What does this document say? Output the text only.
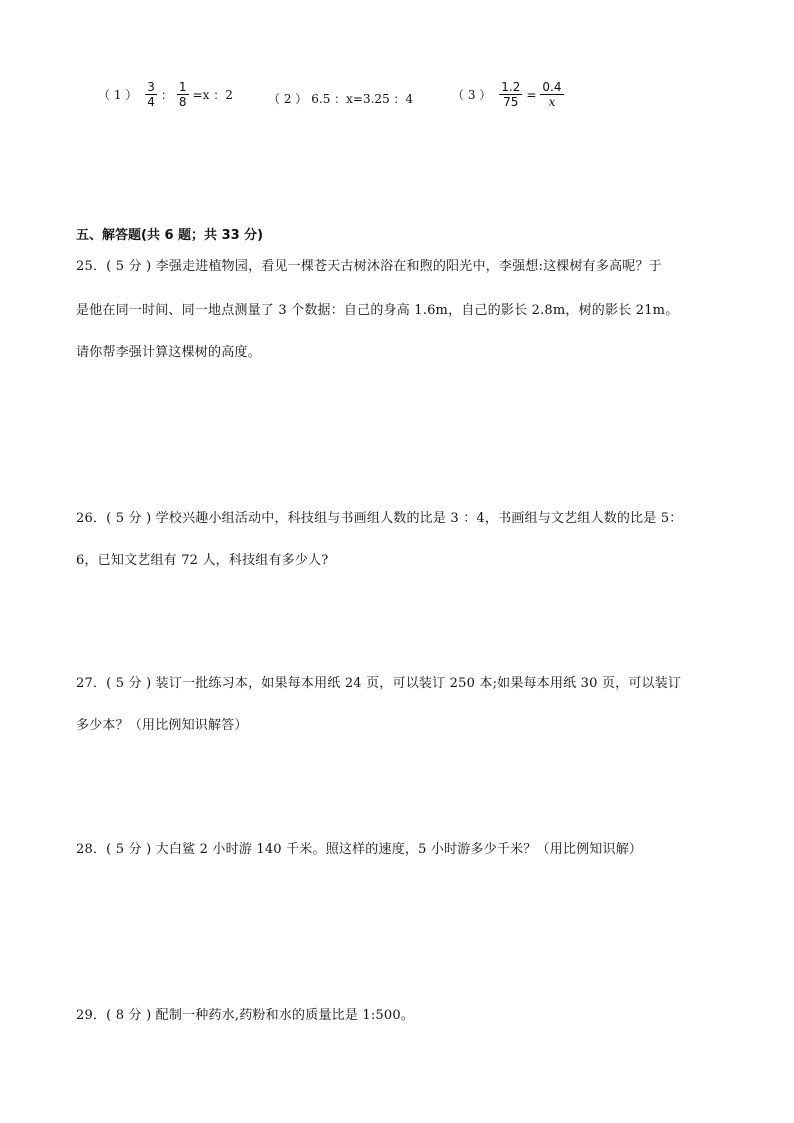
（ 1 ） $\frac{3}{4}$ ： $\frac{1}{8} =x$ ：2	（ 2 ） 6.5 ：x=3.25 ：4	（ 3 ） $\frac{1.2}{75} = \frac{0.4}{x}$
五、解答题(共 6 题；共 33 分)
25．( 5 分 ) 李强走进植物园，看见一棵苍天古树沐浴在和煦的阳光中，李强想:这棵树有多高呢？于
是他在同一时间、同一地点测量了 3 个数据：自己的身高 1.6m，自己的影长 2.8m，树的影长 21m。
请你帮李强计算这棵树的高度。
26．( 5 分 ) 学校兴趣小组活动中，科技组与书画组人数的比是 3 ：4，书画组与文艺组人数的比是 5：
6，已知文艺组有 72 人，科技组有多少人?
27．( 5 分 ) 装订一批练习本，如果每本用纸 24 页，可以装订 250 本;如果每本用纸 30 页，可以装订
多少本？（用比例知识解答）
28．( 5 分 ) 大白鲨 2 小时游 140 千米。照这样的速度，5 小时游多少千米？（用比例知识解）
29．( 8 分 ) 配制一种药水,药粉和水的质量比是 1:500。
